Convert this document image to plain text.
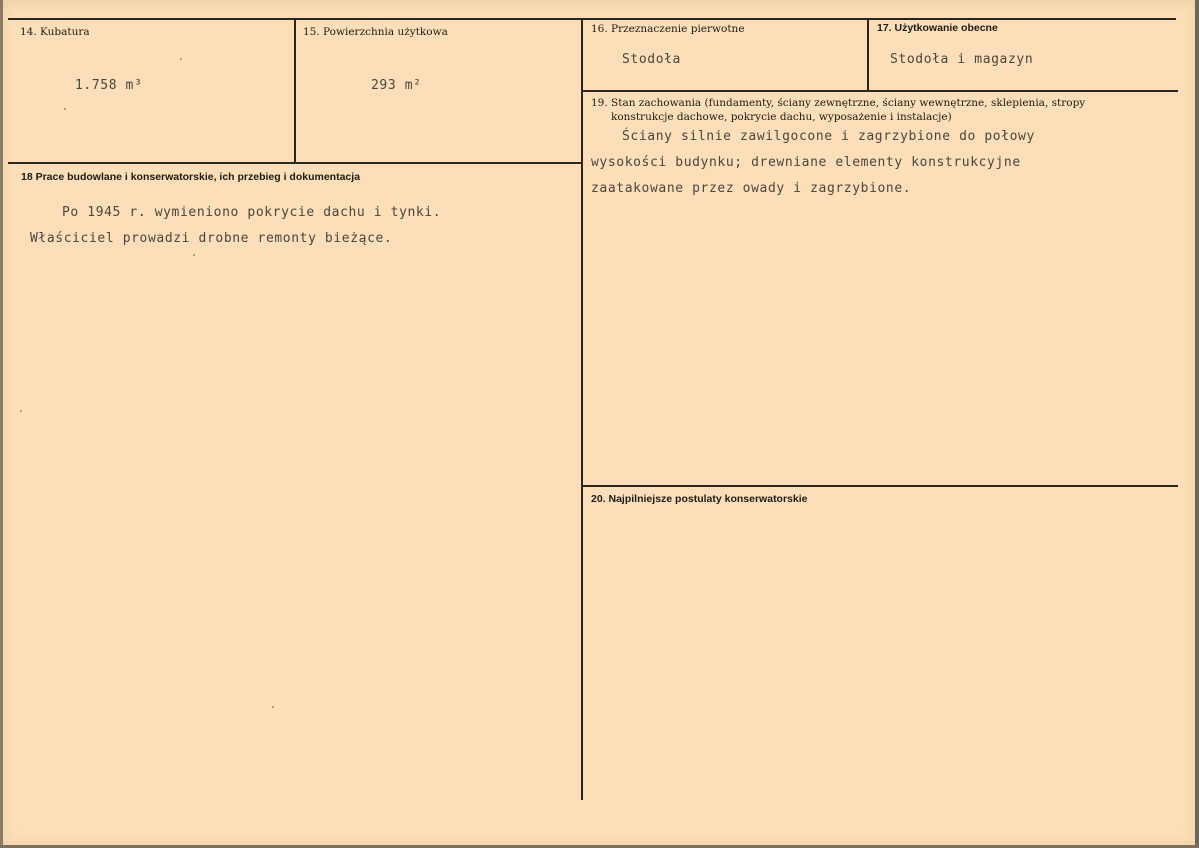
14. Kubatura
1.758 m³
15. Powierzchnia użytkowa
293 m²
16. Przeznaczenie pierwotne
Stodoła
17. Użytkowanie obecne
Stodoła i magazyn
18 Prace budowlane i konserwatorskie, ich przebieg i dokumentacja
Po 1945 r. wymieniono pokrycie dachu i tynki.
Właściciel prowadzi drobne remonty bieżące.
19. Stan zachowania (fundamenty, ściany zewnętrzne, ściany wewnętrzne, sklepienia, stropy
konstrukcje dachowe, pokrycie dachu, wyposażenie i instalacje)
Ściany silnie zawilgocone i zagrzybione do połowy
wysokości budynku; drewniane elementy konstrukcyjne
zaatakowane przez owady i zagrzybione.
20. Najpilniejsze postulaty konserwatorskie
